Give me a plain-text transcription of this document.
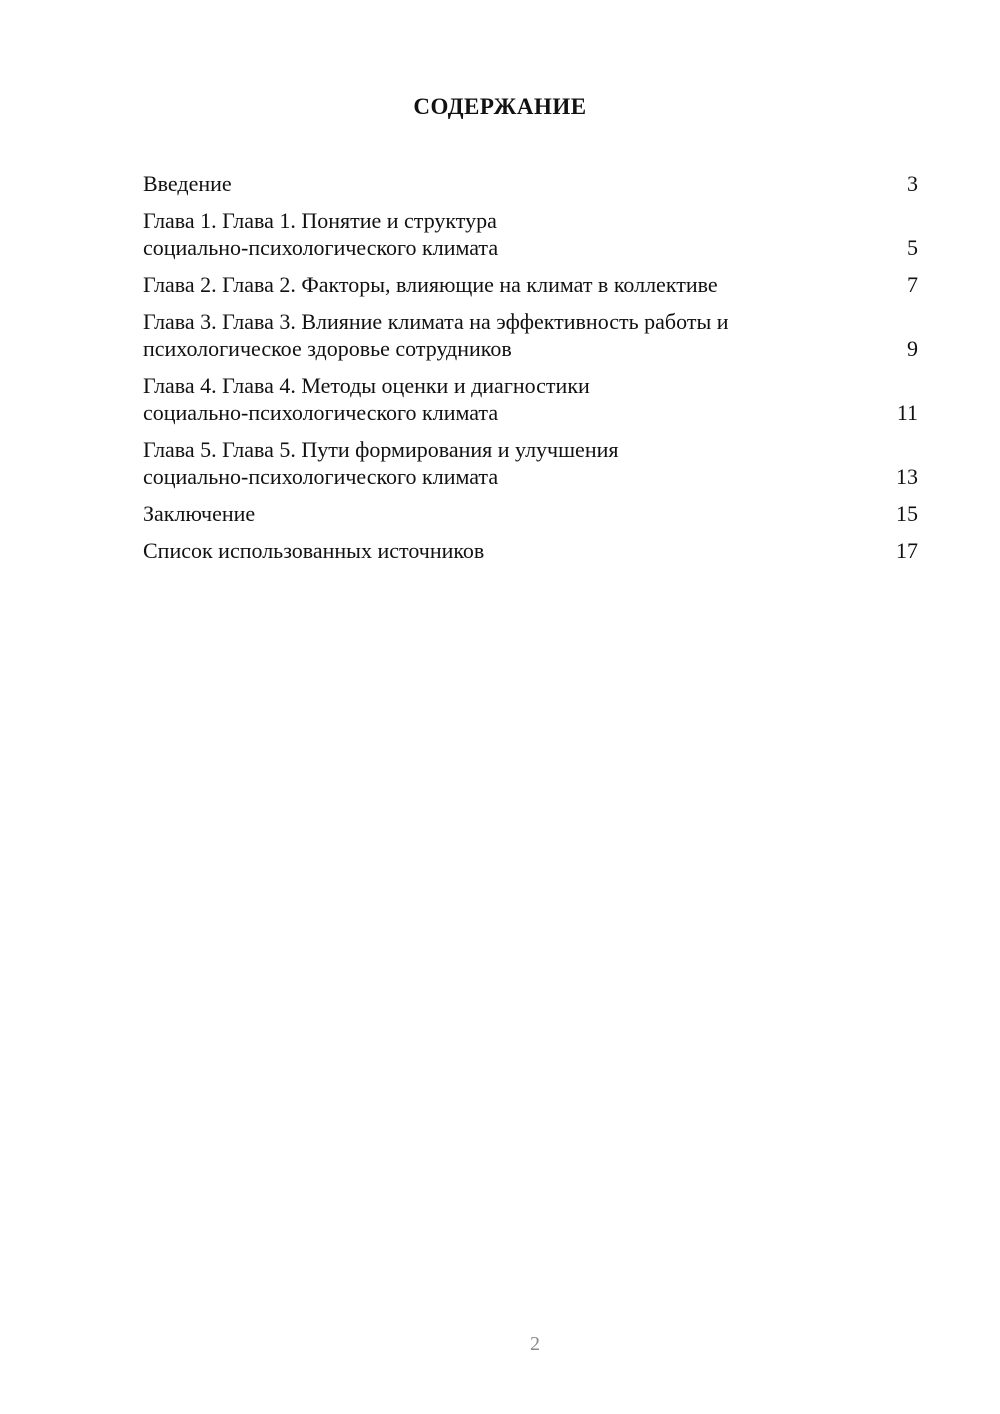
СОДЕРЖАНИЕ
Введение	3
Глава 1. Глава 1. Понятие и структура
социально-психологического климата	5
Глава 2. Глава 2. Факторы, влияющие на климат в коллективе	7
Глава 3. Глава 3. Влияние климата на эффективность работы и
психологическое здоровье сотрудников	9
Глава 4. Глава 4. Методы оценки и диагностики
социально-психологического климата	11
Глава 5. Глава 5. Пути формирования и улучшения
социально-психологического климата	13
Заключение	15
Список использованных источников	17
2
